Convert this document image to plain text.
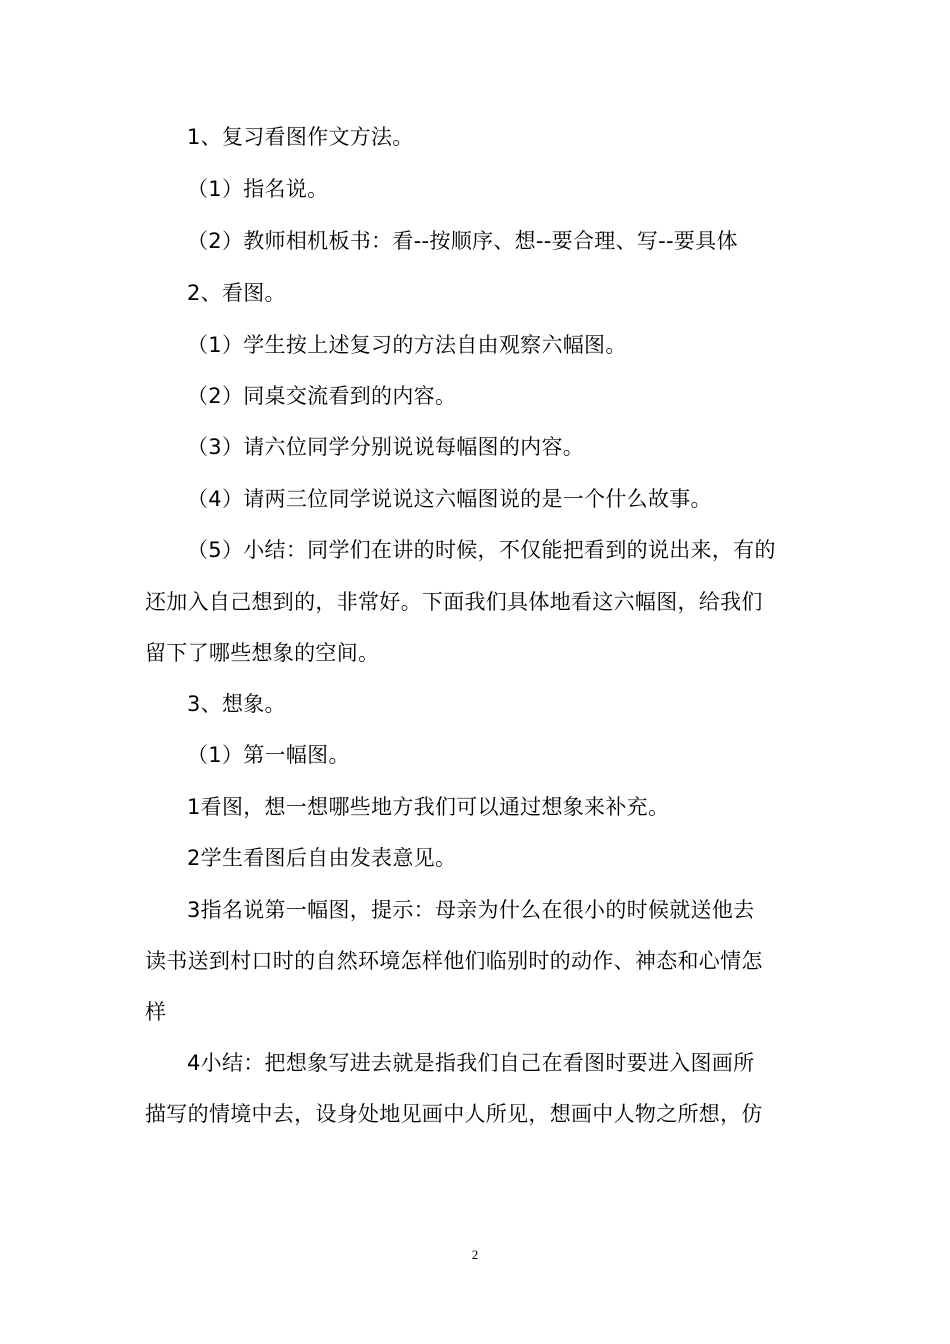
1、复习看图作文方法。
（1）指名说。
（2）教师相机板书：看--按顺序、想--要合理、写--要具体
2、看图。
（1）学生按上述复习的方法自由观察六幅图。
（2）同桌交流看到的内容。
（3）请六位同学分别说说每幅图的内容。
（4）请两三位同学说说这六幅图说的是一个什么故事。
（5）小结：同学们在讲的时候，不仅能把看到的说出来，有的
还加入自己想到的，非常好。下面我们具体地看这六幅图，给我们
留下了哪些想象的空间。
3、想象。
（1）第一幅图。
1看图，想一想哪些地方我们可以通过想象来补充。
2学生看图后自由发表意见。
3指名说第一幅图，提示：母亲为什么在很小的时候就送他去
读书送到村口时的自然环境怎样他们临别时的动作、神态和心情怎
样
4小结：把想象写进去就是指我们自己在看图时要进入图画所
描写的情境中去，设身处地见画中人所见，想画中人物之所想，仿
2
